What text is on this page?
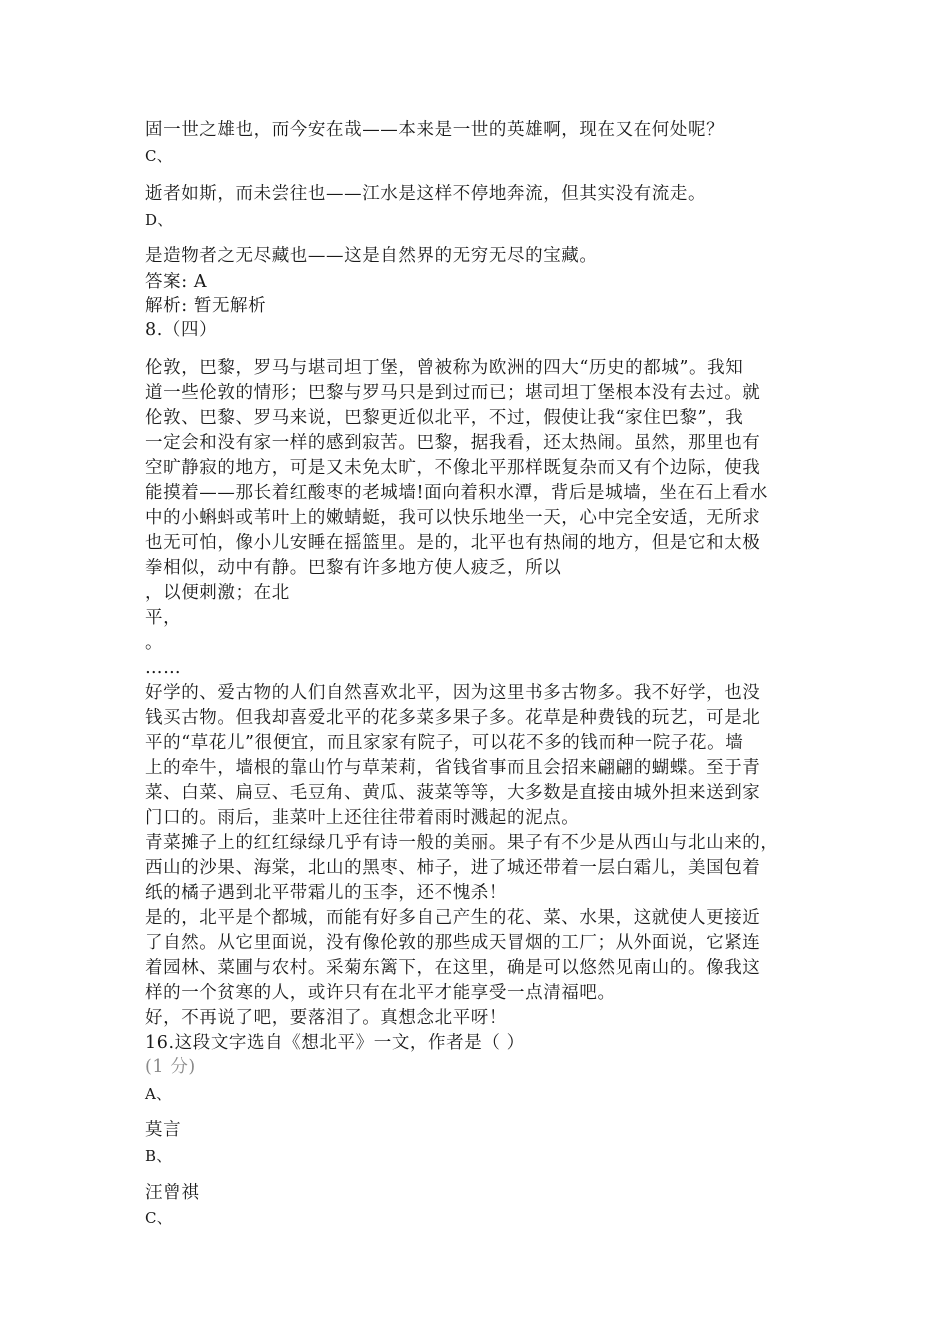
固一世之雄也，而今安在哉——本来是一世的英雄啊，现在又在何处呢？
C、
逝者如斯，而未尝往也——江水是这样不停地奔流，但其实没有流走。
D、
是造物者之无尽藏也——这是自然界的无穷无尽的宝藏。
答案: A
解析: 暂无解析
8.（四）
伦敦，巴黎，罗马与堪司坦丁堡，曾被称为欧洲的四大“历史的都城”。我知
道一些伦敦的情形；巴黎与罗马只是到过而已；堪司坦丁堡根本没有去过。就
伦敦、巴黎、罗马来说，巴黎更近似北平，不过，假使让我“家住巴黎”，我
一定会和没有家一样的感到寂苦。巴黎，据我看，还太热闹。虽然，那里也有
空旷静寂的地方，可是又未免太旷，不像北平那样既复杂而又有个边际，使我
能摸着——那长着红酸枣的老城墙!面向着积水潭，背后是城墙，坐在石上看水
中的小蝌蚪或苇叶上的嫩蜻蜓，我可以快乐地坐一天，心中完全安适，无所求
也无可怕，像小儿安睡在摇篮里。是的，北平也有热闹的地方，但是它和太极
拳相似，动中有静。巴黎有许多地方使人疲乏，所以
，以便刺激；在北
平，
。
……
好学的、爱古物的人们自然喜欢北平，因为这里书多古物多。我不好学，也没
钱买古物。但我却喜爱北平的花多菜多果子多。花草是种费钱的玩艺，可是北
平的“草花儿”很便宜，而且家家有院子，可以花不多的钱而种一院子花。墙
上的牵牛，墙根的靠山竹与草茉莉，省钱省事而且会招来翩翩的蝴蝶。至于青
菜、白菜、扁豆、毛豆角、黄瓜、菠菜等等，大多数是直接由城外担来送到家
门口的。雨后，韭菜叶上还往往带着雨时溅起的泥点。
青菜摊子上的红红绿绿几乎有诗一般的美丽。果子有不少是从西山与北山来的，
西山的沙果、海棠，北山的黑枣、柿子，进了城还带着一层白霜儿，美国包着
纸的橘子遇到北平带霜儿的玉李，还不愧杀！
是的，北平是个都城，而能有好多自己产生的花、菜、水果，这就使人更接近
了自然。从它里面说，没有像伦敦的那些成天冒烟的工厂；从外面说，它紧连
着园林、菜圃与农村。采菊东篱下，在这里，确是可以悠然见南山的。像我这
样的一个贫寒的人，或许只有在北平才能享受一点清福吧。
好，不再说了吧，要落泪了。真想念北平呀！
16.这段文字选自《想北平》一文，作者是（ ）
(1 分)
A、
莫言
B、
汪曾祺
C、
